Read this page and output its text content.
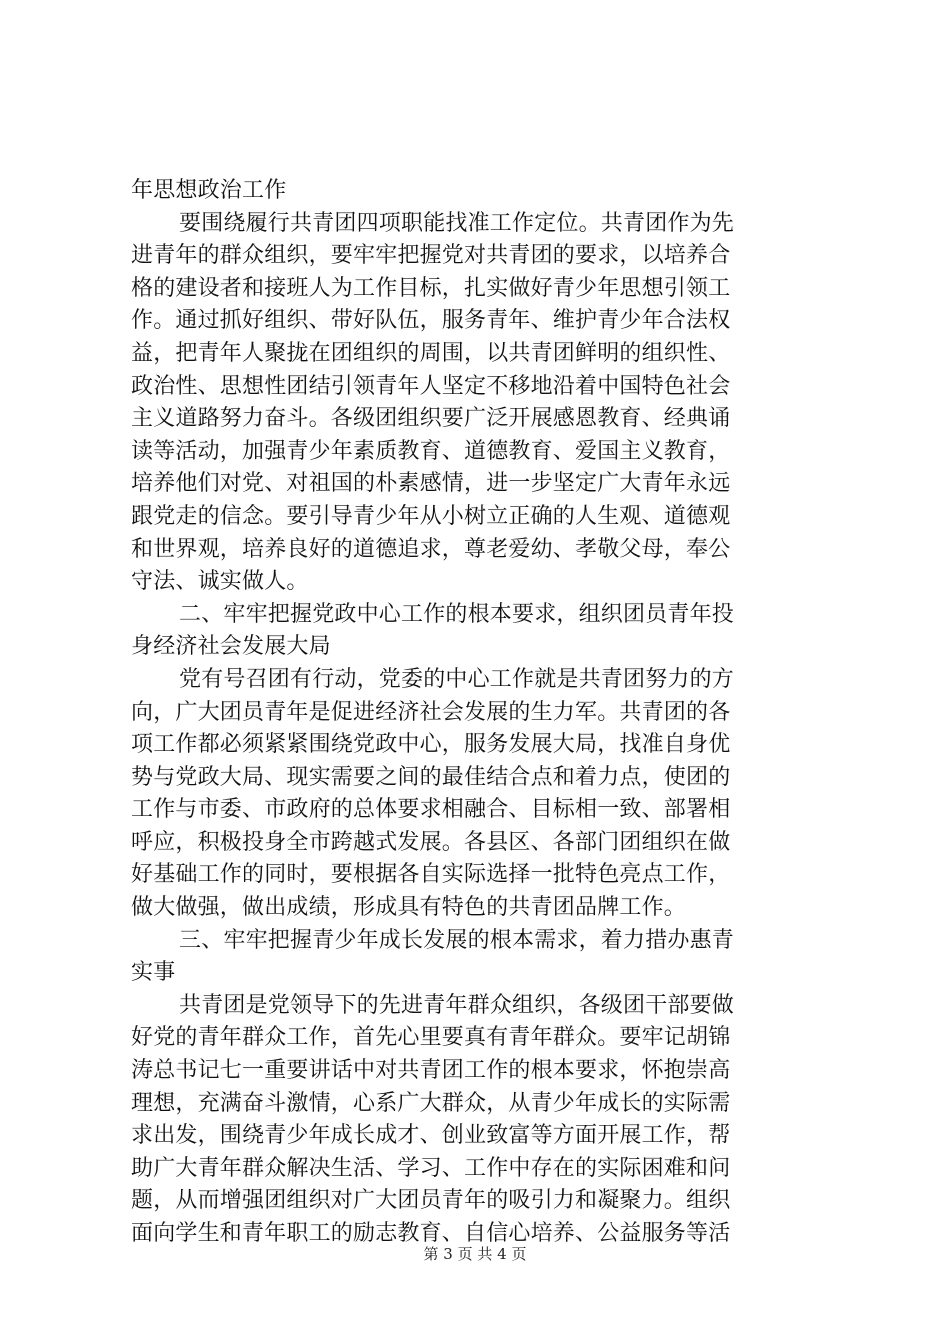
年思想政治工作
要围绕履行共青团四项职能找准工作定位。共青团作为先
进青年的群众组织，要牢牢把握党对共青团的要求，以培养合
格的建设者和接班人为工作目标，扎实做好青少年思想引领工
作。通过抓好组织、带好队伍，服务青年、维护青少年合法权
益，把青年人聚拢在团组织的周围，以共青团鲜明的组织性、
政治性、思想性团结引领青年人坚定不移地沿着中国特色社会
主义道路努力奋斗。各级团组织要广泛开展感恩教育、经典诵
读等活动，加强青少年素质教育、道德教育、爱国主义教育，
培养他们对党、对祖国的朴素感情，进一步坚定广大青年永远
跟党走的信念。要引导青少年从小树立正确的人生观、道德观
和世界观，培养良好的道德追求，尊老爱幼、孝敬父母，奉公
守法、诚实做人。
二、牢牢把握党政中心工作的根本要求，组织团员青年投
身经济社会发展大局
党有号召团有行动，党委的中心工作就是共青团努力的方
向，广大团员青年是促进经济社会发展的生力军。共青团的各
项工作都必须紧紧围绕党政中心，服务发展大局，找准自身优
势与党政大局、现实需要之间的最佳结合点和着力点，使团的
工作与市委、市政府的总体要求相融合、目标相一致、部署相
呼应，积极投身全市跨越式发展。各县区、各部门团组织在做
好基础工作的同时，要根据各自实际选择一批特色亮点工作，
做大做强，做出成绩，形成具有特色的共青团品牌工作。
三、牢牢把握青少年成长发展的根本需求，着力措办惠青
实事
共青团是党领导下的先进青年群众组织，各级团干部要做
好党的青年群众工作，首先心里要真有青年群众。要牢记胡锦
涛总书记七一重要讲话中对共青团工作的根本要求，怀抱崇高
理想，充满奋斗激情，心系广大群众，从青少年成长的实际需
求出发，围绕青少年成长成才、创业致富等方面开展工作，帮
助广大青年群众解决生活、学习、工作中存在的实际困难和问
题，从而增强团组织对广大团员青年的吸引力和凝聚力。组织
面向学生和青年职工的励志教育、自信心培养、公益服务等活
第 3 页 共 4 页
